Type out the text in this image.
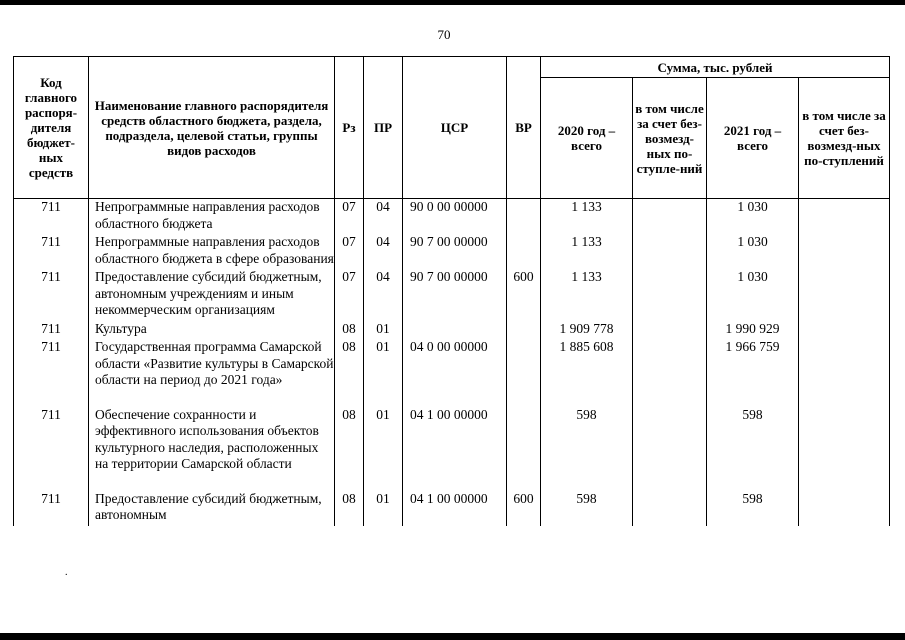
70
Код главного распоря-дителя бюджет-ных средств	Наименование главного распорядителя средств областного бюджета, раздела, подраздела, целевой статьи, группы видов расходов	Рз	ПР	ЦСР	ВР	Сумма, тыс. рублей			
						2020 год – всего	в том числе за счет без-возмезд-ных по-ступле-ний	2021 год – всего	в том числе за счет без-возмезд-ных по-ступлений
711	Непрограммные направления расходов областного бюджета	07	04	90 0 00 00000		1 133		1 030	
711	Непрограммные направления расходов областного бюджета в сфере образования	07	04	90 7 00 00000		1 133		1 030	
711	Предоставление субсидий бюджетным, автономным учреждениям и иным некоммерческим организациям	07	04	90 7 00 00000	600	1 133		1 030	
711	Культура	08	01			1 909 778		1 990 929	
711	Государственная программа Самарской области «Развитие культуры в Самарской области на период до 2021 года»	08	01	04 0 00 00000		1 885 608		1 966 759	
711	Обеспечение сохранности и эффективного использования объектов культурного наследия, расположенных на территории Самарской области	08	01	04 1 00 00000		598		598	
711	Предоставление субсидий бюджетным, автономным	08	01	04 1 00 00000	600	598		598	
.
